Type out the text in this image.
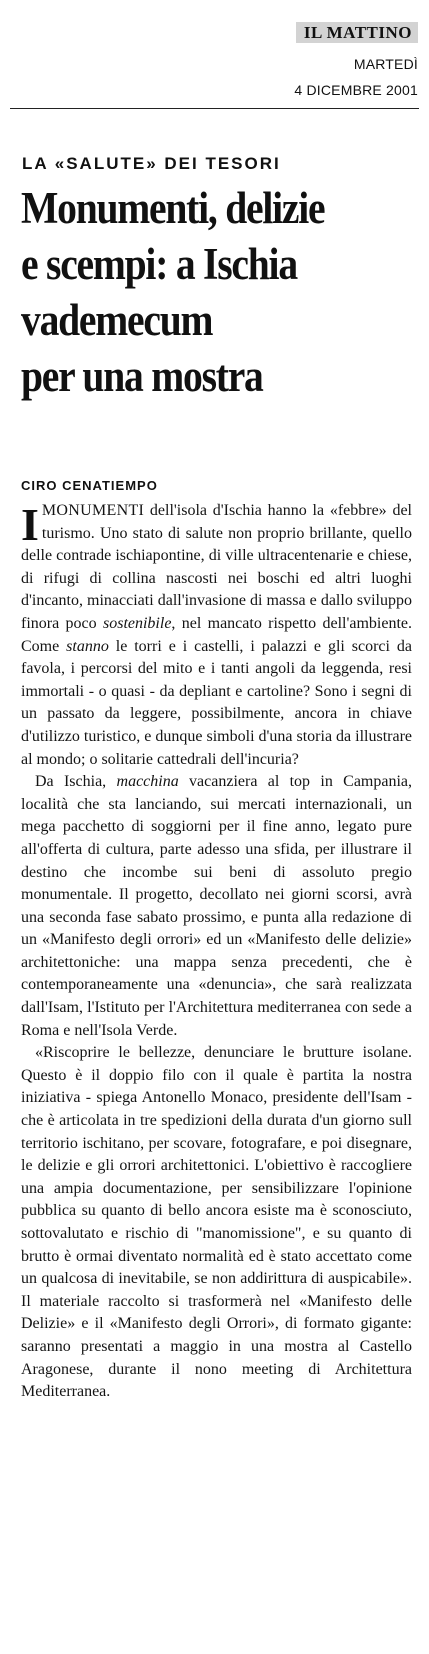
IL MATTINO
MARTEDÌ
4 DICEMBRE 2001
LA «SALUTE» DEI TESORI
Monumenti, delizie
e scempi: a Ischia
vademecum
per una mostra
CIRO CENATIEMPO

IMONUMENTI dell'isola d'Ischia hanno la «febbre» del turismo. Uno stato di salute non proprio brillante, quello delle contrade ischiapontine, di ville ultracentenarie e chiese, di rifugi di collina nascosti nei boschi ed altri luoghi d'incanto, minacciati dall'invasione di massa e dallo sviluppo finora poco sostenibile, nel mancato rispetto dell'ambiente. Come stanno le torri e i castelli, i palazzi e gli scorci da favola, i percorsi del mito e i tanti angoli da leggenda, resi immortali - o quasi - da depliant e cartoline? Sono i segni di un passato da leggere, possibilmente, ancora in chiave d'utilizzo turistico, e dunque simboli d'una storia da illustrare al mondo; o solitarie cattedrali dell'incuria?

Da Ischia, macchina vacanziera al top in Campania, località che sta lanciando, sui mercati internazionali, un mega pacchetto di soggiorni per il fine anno, legato pure all'offerta di cultura, parte adesso una sfida, per illustrare il destino che incombe sui beni di assoluto pregio monumentale. Il progetto, decollato nei giorni scorsi, avrà una seconda fase sabato prossimo, e punta alla redazione di un «Manifesto degli orrori» ed un «Manifesto delle delizie» architettoniche: una mappa senza precedenti, che è contemporaneamente una «denuncia», che sarà realizzata dall'Isam, l'Istituto per l'Architettura mediterranea con sede a Roma e nell'Isola Verde.

«Riscoprire le bellezze, denunciare le brutture isolane. Questo è il doppio filo con il quale è partita la nostra iniziativa - spiega Antonello Monaco, presidente dell'Isam - che è articolata in tre spedizioni della durata d'un giorno sull territorio ischitano, per scovare, fotografare, e poi disegnare, le delizie e gli orrori architettonici. L'obiettivo è raccogliere una ampia documentazione, per sensibilizzare l'opinione pubblica su quanto di bello ancora esiste ma è sconosciuto, sottovalutato e rischio di "manomissione", e su quanto di brutto è ormai diventato normalità ed è stato accettato come un qualcosa di inevitabile, se non addirittura di auspicabile». Il materiale raccolto si trasformerà nel «Manifesto delle Delizie» e il «Manifesto degli Orrori», di formato gigante: saranno presentati a maggio in una mostra al Castello Aragonese, durante il nono meeting di Architettura Mediterranea.
